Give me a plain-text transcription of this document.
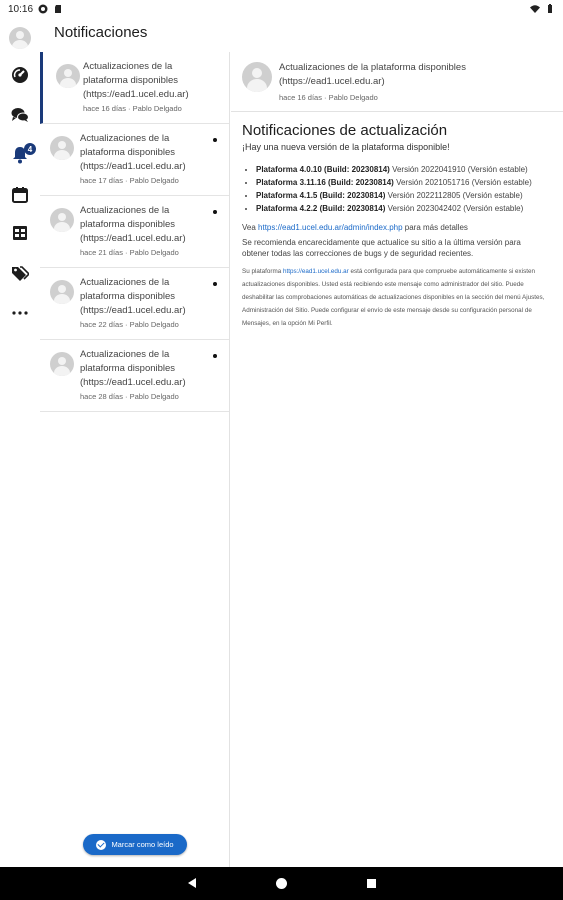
10:16
4
Notificaciones
Actualizaciones de la plataforma disponibles (https://ead1.ucel.edu.ar)
hace 16 días · Pablo Delgado
Actualizaciones de la plataforma disponibles (https://ead1.ucel.edu.ar)
hace 17 días · Pablo Delgado
Actualizaciones de la plataforma disponibles (https://ead1.ucel.edu.ar)
hace 21 días · Pablo Delgado
Actualizaciones de la plataforma disponibles (https://ead1.ucel.edu.ar)
hace 22 días · Pablo Delgado
Actualizaciones de la plataforma disponibles (https://ead1.ucel.edu.ar)
hace 28 días · Pablo Delgado
Marcar como leído
Actualizaciones de la plataforma disponibles (https://ead1.ucel.edu.ar)
hace 16 días · Pablo Delgado
Notificaciones de actualización
¡Hay una nueva versión de la plataforma disponible!
• Plataforma 4.0.10 (Build: 20230814) Versión 2022041910 (Versión estable)
• Plataforma 3.11.16 (Build: 20230814) Versión 2021051716 (Versión estable)
• Plataforma 4.1.5 (Build: 20230814) Versión 2022112805 (Versión estable)
• Plataforma 4.2.2 (Build: 20230814) Versión 2023042402 (Versión estable)
Vea https://ead1.ucel.edu.ar/admin/index.php para más detalles
Se recomienda encarecidamente que actualice su sitio a la última versión para obtener todas las correcciones de bugs y de seguridad recientes.
Su plataforma https://ead1.ucel.edu.ar está configurada para que compruebe automáticamente si existen actualizaciones disponibles. Usted está recibiendo este mensaje como administrador del sitio. Puede deshabilitar las comprobaciones automáticas de actualizaciones disponibles en la sección del menú Ajustes, Administración del Sitio. Puede configurar el envío de este mensaje desde su configuración personal de Mensajes, en la opción Mi Perfil.
